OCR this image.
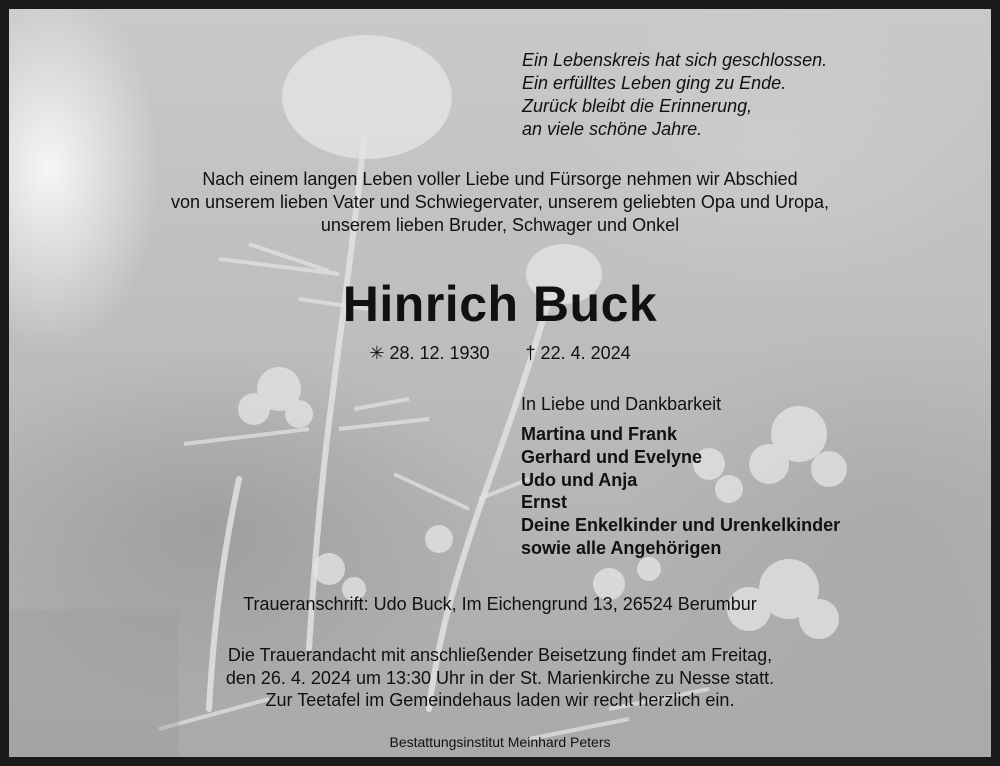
Ein Lebenskreis hat sich geschlossen.
Ein erfülltes Leben ging zu Ende.
Zurück bleibt die Erinnerung,
an viele schöne Jahre.
Nach einem langen Leben voller Liebe und Fürsorge nehmen wir Abschied
von unserem lieben Vater und Schwiegervater, unserem geliebten Opa und Uropa,
unserem lieben Bruder, Schwager und Onkel
Hinrich Buck
✳ 28. 12. 1930 † 22. 4. 2024
In Liebe und Dankbarkeit
Martina und Frank
Gerhard und Evelyne
Udo und Anja
Ernst
Deine Enkelkinder und Urenkelkinder
sowie alle Angehörigen
Traueranschrift: Udo Buck, Im Eichengrund 13, 26524 Berumbur
Die Trauerandacht mit anschließender Beisetzung findet am Freitag,
den 26. 4. 2024 um 13:30 Uhr in der St. Marienkirche zu Nesse statt.
Zur Teetafel im Gemeindehaus laden wir recht herzlich ein.
Bestattungsinstitut Meinhard Peters
